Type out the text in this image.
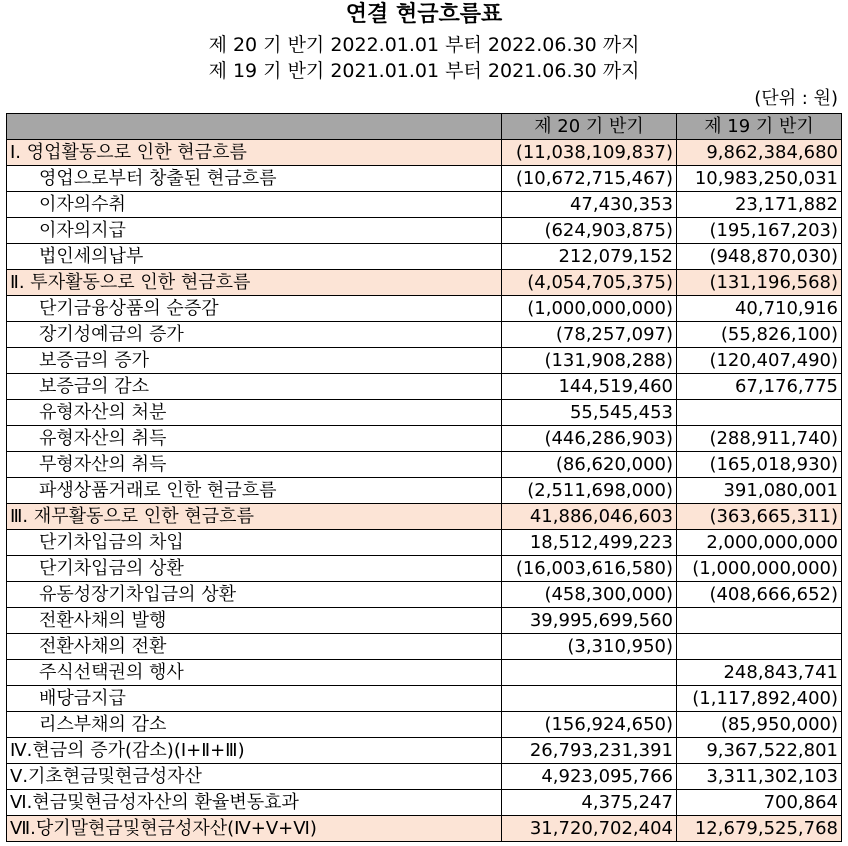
연결 현금흐름표
제 20 기 반기 2022.01.01 부터 2022.06.30 까지
제 19 기 반기 2021.01.01 부터 2021.06.30 까지
(단위 : 원)
	제 20 기 반기	제 19 기 반기
Ⅰ. 영업활동으로 인한 현금흐름	(11,038,109,837)	9,862,384,680
영업으로부터 창출된 현금흐름	(10,672,715,467)	10,983,250,031
이자의수취	47,430,353	23,171,882
이자의지급	(624,903,875)	(195,167,203)
법인세의납부	212,079,152	(948,870,030)
Ⅱ. 투자활동으로 인한 현금흐름	(4,054,705,375)	(131,196,568)
단기금융상품의 순증감	(1,000,000,000)	40,710,916
장기성예금의 증가	(78,257,097)	(55,826,100)
보증금의 증가	(131,908,288)	(120,407,490)
보증금의 감소	144,519,460	67,176,775
유형자산의 처분	55,545,453	
유형자산의 취득	(446,286,903)	(288,911,740)
무형자산의 취득	(86,620,000)	(165,018,930)
파생상품거래로 인한 현금흐름	(2,511,698,000)	391,080,001
Ⅲ. 재무활동으로 인한 현금흐름	41,886,046,603	(363,665,311)
단기차입금의 차입	18,512,499,223	2,000,000,000
단기차입금의 상환	(16,003,616,580)	(1,000,000,000)
유동성장기차입금의 상환	(458,300,000)	(408,666,652)
전환사채의 발행	39,995,699,560	
전환사채의 전환	(3,310,950)	
주식선택권의 행사		248,843,741
배당금지급		(1,117,892,400)
리스부채의 감소	(156,924,650)	(85,950,000)
Ⅳ.현금의 증가(감소)(Ⅰ+Ⅱ+Ⅲ)	26,793,231,391	9,367,522,801
Ⅴ.기초현금및현금성자산	4,923,095,766	3,311,302,103
Ⅵ.현금및현금성자산의 환율변동효과	4,375,247	700,864
Ⅶ.당기말현금및현금성자산(Ⅳ+Ⅴ+Ⅵ)	31,720,702,404	12,679,525,768
